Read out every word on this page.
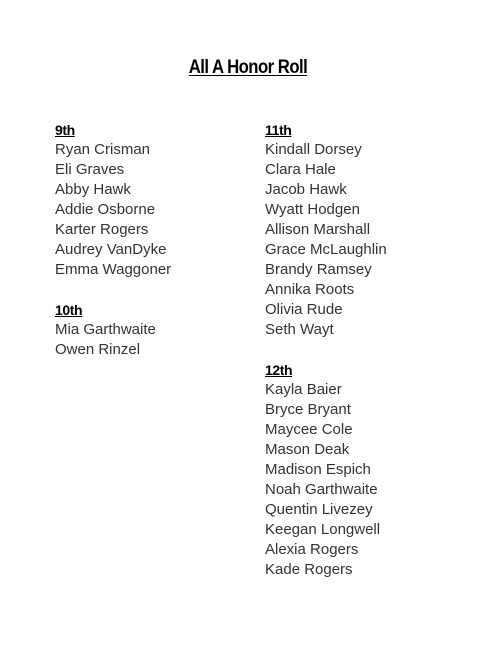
All A Honor Roll
9th
Ryan Crisman
Eli Graves
Abby Hawk
Addie Osborne
Karter Rogers
Audrey VanDyke
Emma Waggoner
10th
Mia Garthwaite
Owen Rinzel
11th
Kindall Dorsey
Clara Hale
Jacob Hawk
Wyatt Hodgen
Allison Marshall
Grace McLaughlin
Brandy Ramsey
Annika Roots
Olivia Rude
Seth Wayt
12th
Kayla Baier
Bryce Bryant
Maycee Cole
Mason Deak
Madison Espich
Noah Garthwaite
Quentin Livezey
Keegan Longwell
Alexia Rogers
Kade Rogers
